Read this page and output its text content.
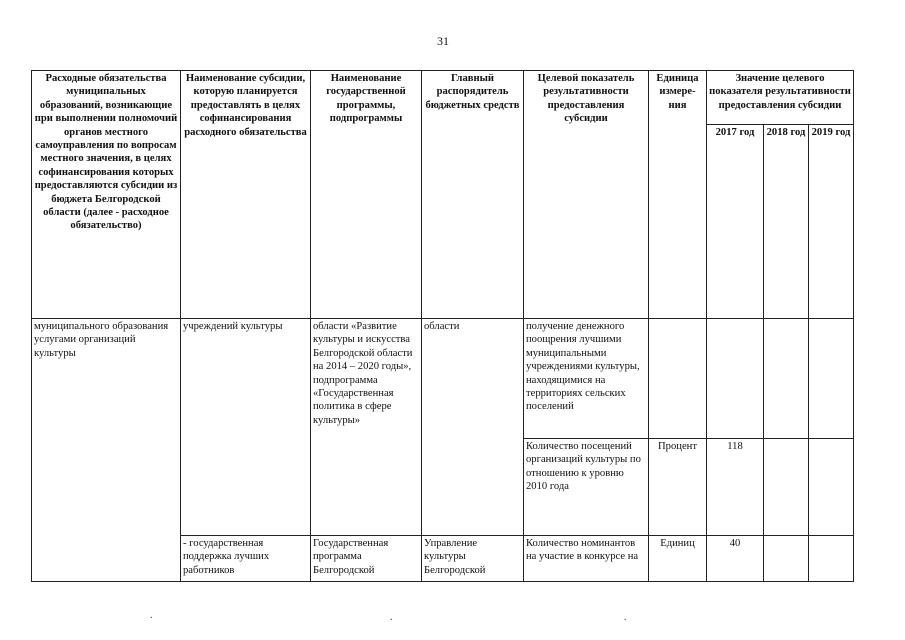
31
Расходные обязательства муниципальных образований, возникающие при выполнении полномочий органов местного самоуправления по вопросам местного значения, в целях софинансирования которых предоставляются субсидии из бюджета Белгородской области (далее - расходное обязательство)	Наименование субсидии, которую планируется предоставлять в целях софинансирования расходного обязательства	Наименование государственной программы, подпрограммы	Главный распорядитель бюджетных средств	Целевой показатель результативности предоставления субсидии	Единица измере-ния	Значение целевого показателя результативности предоставления субсидии		
						2017 год	2018 год	2019 год
муниципального образования услугами организаций культуры	учреждений культуры	области «Развитие культуры и искусства Белгородской области на 2014 – 2020 годы», подпрограмма «Государственная политика в сфере культуры»	области	получение денежного поощрения лучшими муниципальными учреждениями культуры, находящимися на территориях сельских поселений				
				Количество посещений организаций культуры по отношению к уровню 2010 года	Процент	118		
	- государственная поддержка лучших работников	Государственная программа Белгородской	Управление культуры Белгородской	Количество номинантов на участие в конкурсе на	Единиц	40		
.	.	.
